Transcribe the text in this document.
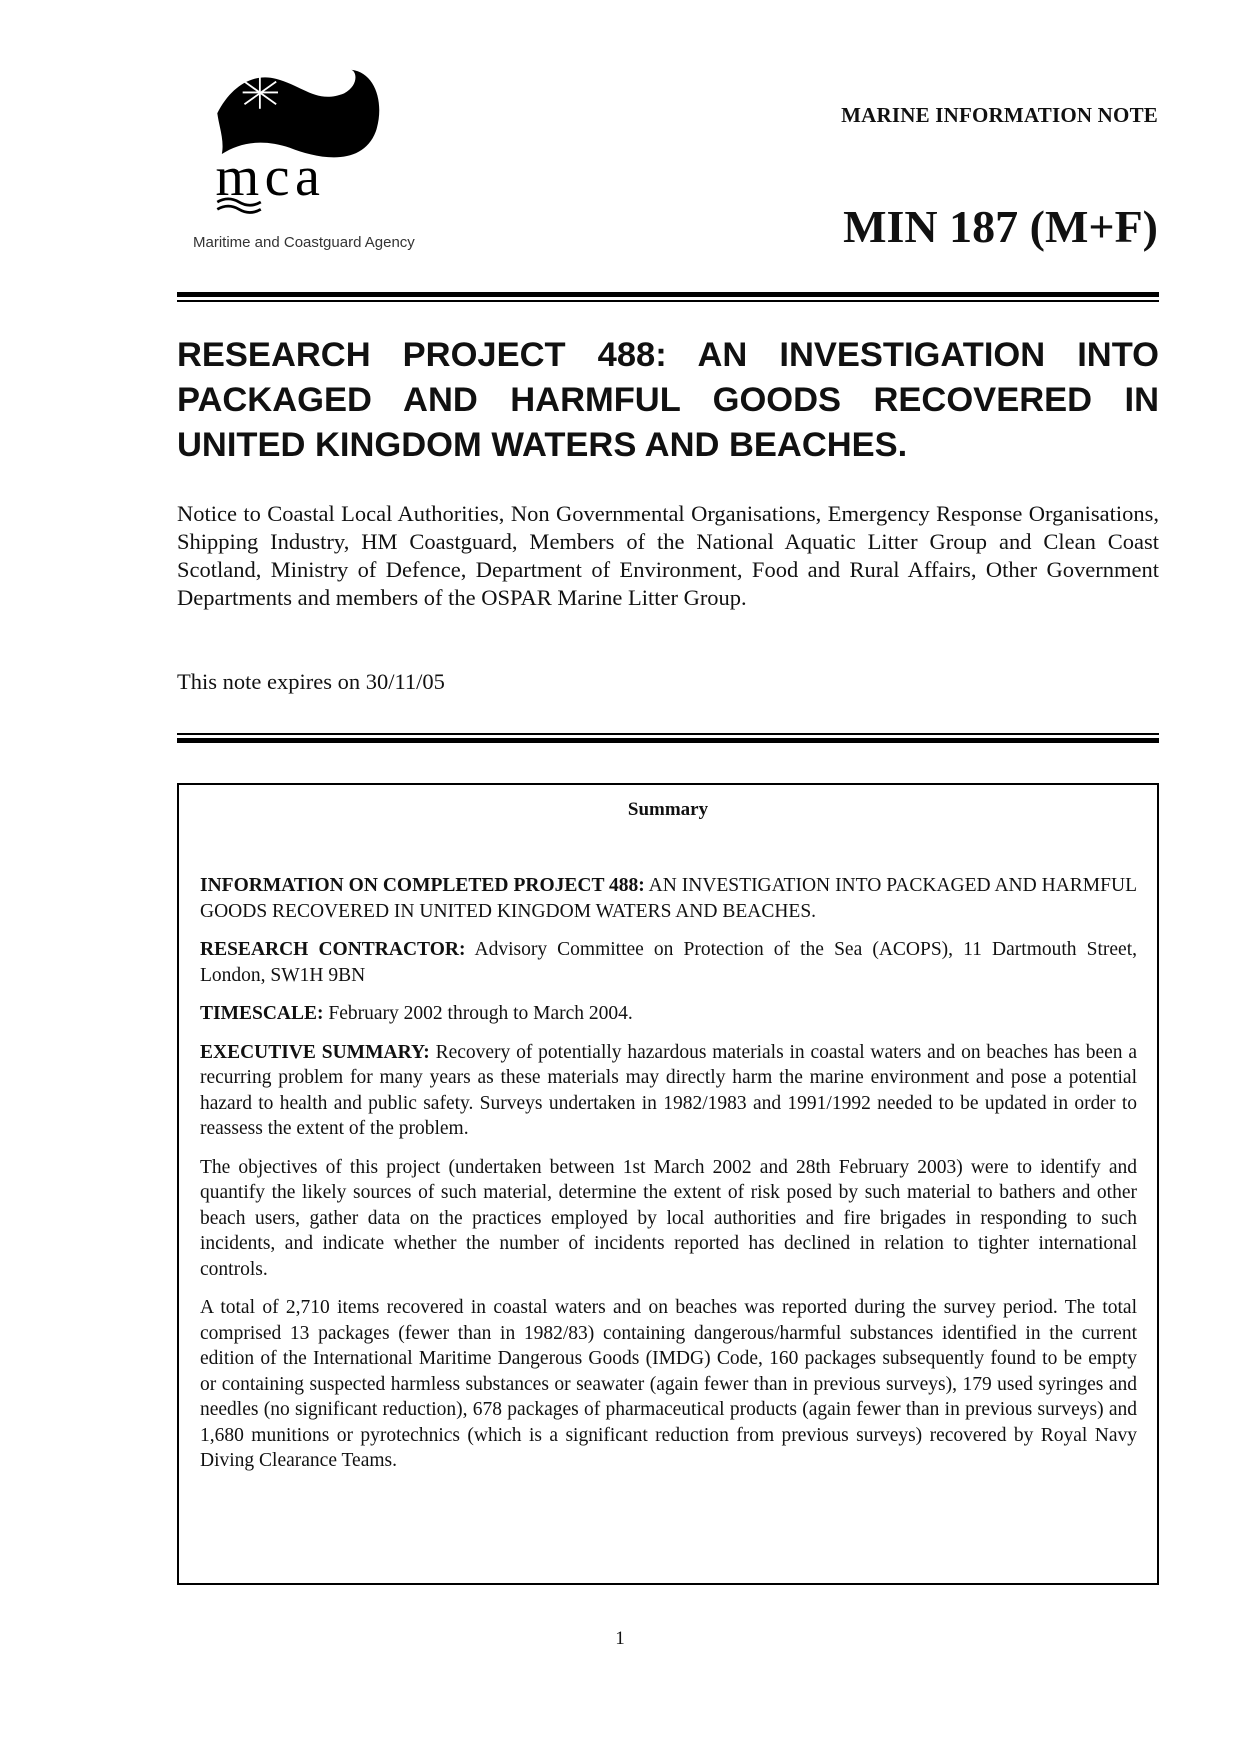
mca
Maritime and Coastguard Agency
MARINE INFORMATION NOTE
MIN 187 (M+F)
RESEARCH PROJECT 488: AN INVESTIGATION INTO
PACKAGED AND HARMFUL GOODS RECOVERED IN
UNITED KINGDOM WATERS AND BEACHES.
Notice to Coastal Local Authorities, Non Governmental Organisations, Emergency Response Organisations, Shipping Industry, HM Coastguard, Members of the National Aquatic Litter Group and Clean Coast Scotland, Ministry of Defence, Department of Environment, Food and Rural Affairs, Other Government Departments and members of the OSPAR Marine Litter Group.
This note expires on 30/11/05
Summary

INFORMATION ON COMPLETED PROJECT 488: AN INVESTIGATION INTO PACKAGED AND HARMFUL GOODS RECOVERED IN UNITED KINGDOM WATERS AND BEACHES.

RESEARCH CONTRACTOR: Advisory Committee on Protection of the Sea (ACOPS), 11 Dartmouth Street, London, SW1H 9BN

TIMESCALE: February 2002 through to March 2004.

EXECUTIVE SUMMARY: Recovery of potentially hazardous materials in coastal waters and on beaches has been a recurring problem for many years as these materials may directly harm the marine environment and pose a potential hazard to health and public safety. Surveys undertaken in 1982/1983 and 1991/1992 needed to be updated in order to reassess the extent of the problem.

The objectives of this project (undertaken between 1st March 2002 and 28th February 2003) were to identify and quantify the likely sources of such material, determine the extent of risk posed by such material to bathers and other beach users, gather data on the practices employed by local authorities and fire brigades in responding to such incidents, and indicate whether the number of incidents reported has declined in relation to tighter international controls.

A total of 2,710 items recovered in coastal waters and on beaches was reported during the survey period. The total comprised 13 packages (fewer than in 1982/83) containing dangerous/harmful substances identified in the current edition of the International Maritime Dangerous Goods (IMDG) Code, 160 packages subsequently found to be empty or containing suspected harmless substances or seawater (again fewer than in previous surveys), 179 used syringes and needles (no significant reduction), 678 packages of pharmaceutical products (again fewer than in previous surveys) and 1,680 munitions or pyrotechnics (which is a significant reduction from previous surveys) recovered by Royal Navy Diving Clearance Teams.

1
